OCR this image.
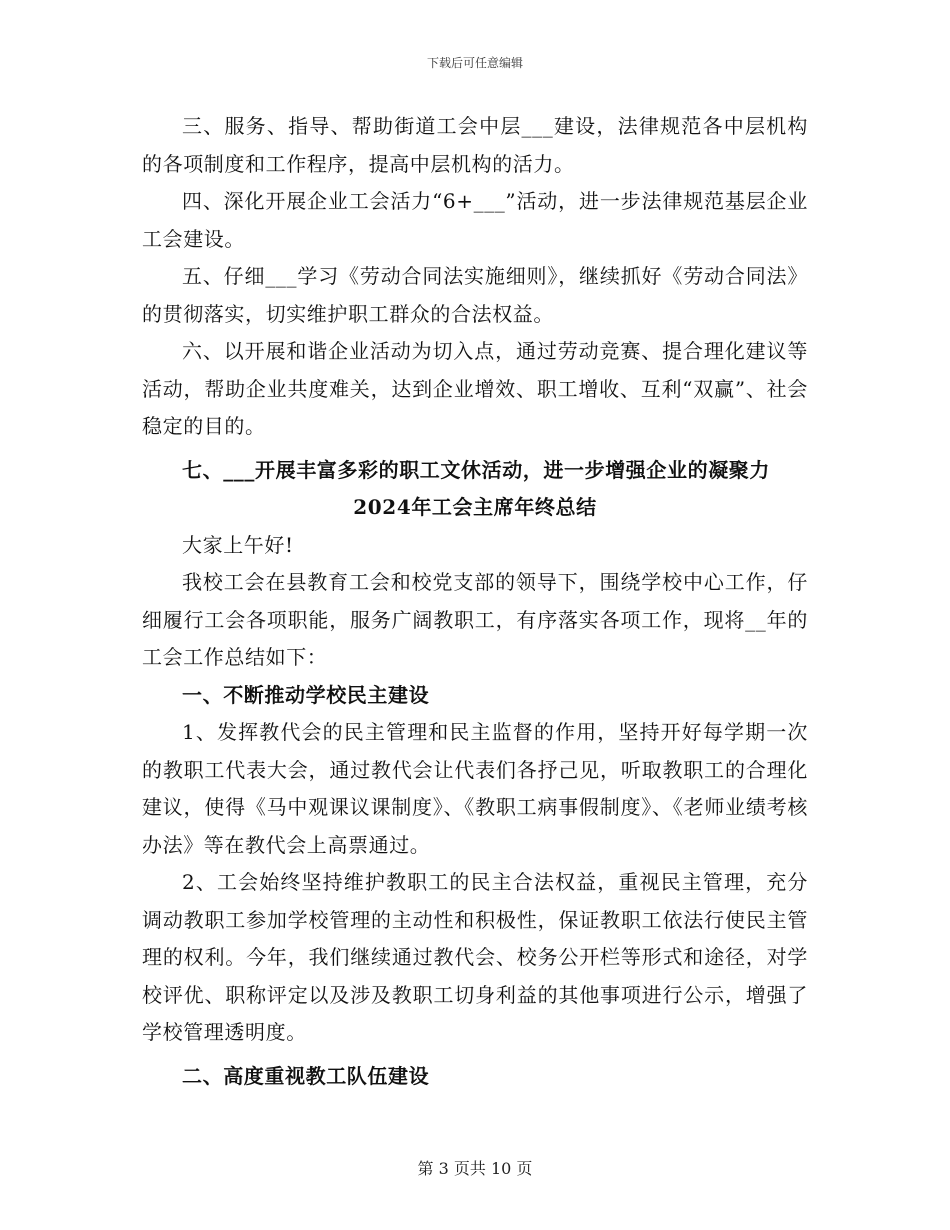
下载后可任意编辑

三、服务、指导、帮助街道工会中层___建设，法律规范各中层机构的各项制度和工作程序，提高中层机构的活力。

四、深化开展企业工会活力“6+___”活动，进一步法律规范基层企业工会建设。

五、仔细___学习《劳动合同法实施细则》，继续抓好《劳动合同法》的贯彻落实，切实维护职工群众的合法权益。

六、以开展和谐企业活动为切入点，通过劳动竞赛、提合理化建议等活动，帮助企业共度难关，达到企业增效、职工增收、互利“双赢”、社会稳定的目的。

七、___开展丰富多彩的职工文休活动，进一步增强企业的凝聚力

2024年工会主席年终总结

大家上午好!

我校工会在县教育工会和校党支部的领导下，围绕学校中心工作，仔细履行工会各项职能，服务广阔教职工，有序落实各项工作，现将__年的工会工作总结如下：

一、不断推动学校民主建设

1、发挥教代会的民主管理和民主监督的作用，坚持开好每学期一次的教职工代表大会，通过教代会让代表们各抒己见，听取教职工的合理化建议，使得《马中观课议课制度》、《教职工病事假制度》、《老师业绩考核办法》等在教代会上高票通过。

2、工会始终坚持维护教职工的民主合法权益，重视民主管理，充分调动教职工参加学校管理的主动性和积极性，保证教职工依法行使民主管理的权利。今年，我们继续通过教代会、校务公开栏等形式和途径，对学校评优、职称评定以及涉及教职工切身利益的其他事项进行公示，增强了学校管理透明度。

二、高度重视教工队伍建设

第 3 页共 10 页
